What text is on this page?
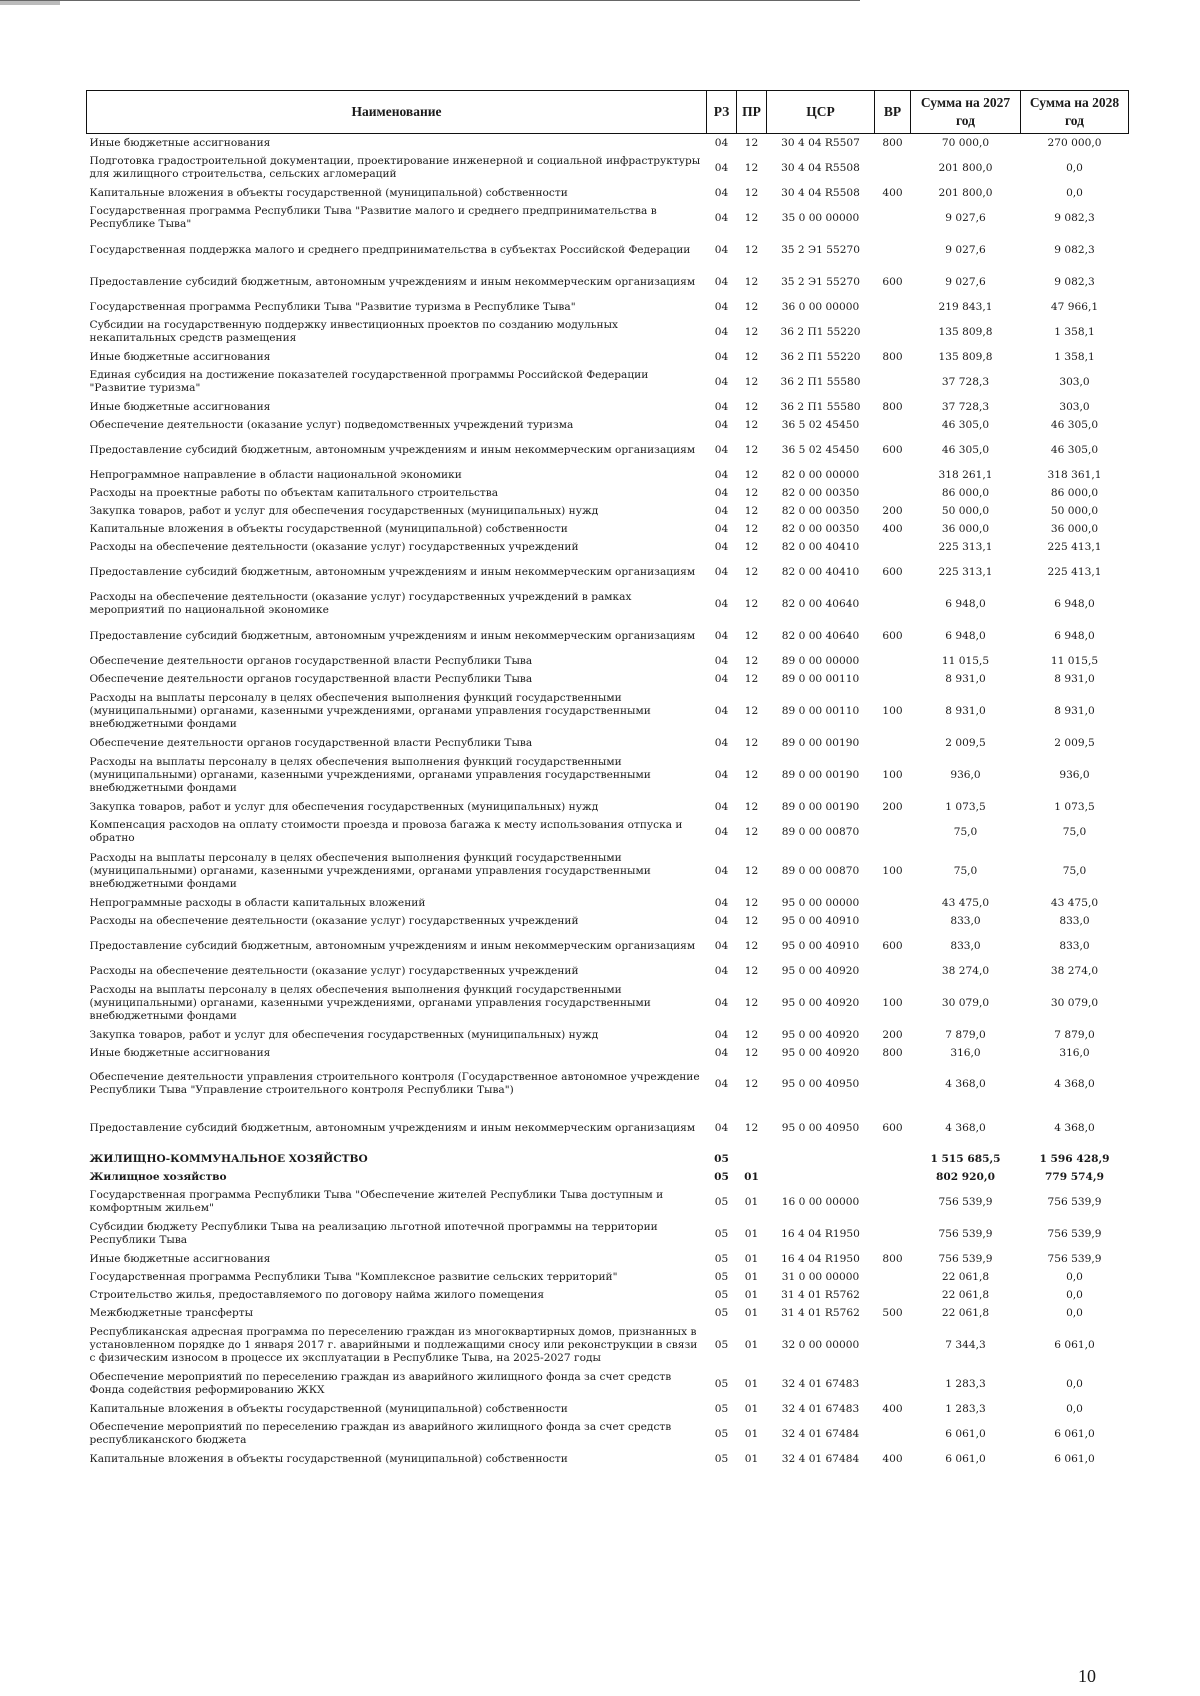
Наименование	РЗ	ПР	ЦСР	ВР	Сумма на 2027 год	Сумма на 2028 год
Иные бюджетные ассигнования	04	12	30 4 04 R5507	800	70 000,0	270 000,0
Подготовка градостроительной документации, проектирование инженерной и социальной инфраструктуры для жилищного строительства, сельских агломераций	04	12	30 4 04 R5508		201 800,0	0,0
Капитальные вложения в объекты государственной (муниципальной) собственности	04	12	30 4 04 R5508	400	201 800,0	0,0
Государственная программа Республики Тыва "Развитие малого и среднего предпринимательства в Республике Тыва"	04	12	35 0 00 00000		9 027,6	9 082,3
Государственная поддержка малого и среднего предпринимательства в субъектах Российской Федерации	04	12	35 2 Э1 55270		9 027,6	9 082,3
Предоставление субсидий бюджетным, автономным учреждениям и иным некоммерческим организациям	04	12	35 2 Э1 55270	600	9 027,6	9 082,3
Государственная программа Республики Тыва "Развитие туризма в Республике Тыва"	04	12	36 0 00 00000		219 843,1	47 966,1
Субсидии на государственную поддержку инвестиционных проектов по созданию модульных некапитальных средств размещения	04	12	36 2 П1 55220		135 809,8	1 358,1
Иные бюджетные ассигнования	04	12	36 2 П1 55220	800	135 809,8	1 358,1
Единая субсидия на достижение показателей государственной программы Российской Федерации "Развитие туризма"	04	12	36 2 П1 55580		37 728,3	303,0
Иные бюджетные ассигнования	04	12	36 2 П1 55580	800	37 728,3	303,0
Обеспечение деятельности (оказание услуг) подведомственных учреждений туризма	04	12	36 5 02 45450		46 305,0	46 305,0
Предоставление субсидий бюджетным, автономным учреждениям и иным некоммерческим организациям	04	12	36 5 02 45450	600	46 305,0	46 305,0
Непрограммное направление в области национальной экономики	04	12	82 0 00 00000		318 261,1	318 361,1
Расходы на проектные работы по объектам капитального строительства	04	12	82 0 00 00350		86 000,0	86 000,0
Закупка товаров, работ и услуг для обеспечения государственных (муниципальных) нужд	04	12	82 0 00 00350	200	50 000,0	50 000,0
Капитальные вложения в объекты государственной (муниципальной) собственности	04	12	82 0 00 00350	400	36 000,0	36 000,0
Расходы на обеспечение деятельности (оказание услуг) государственных учреждений	04	12	82 0 00 40410		225 313,1	225 413,1
Предоставление субсидий бюджетным, автономным учреждениям и иным некоммерческим организациям	04	12	82 0 00 40410	600	225 313,1	225 413,1
Расходы на обеспечение деятельности (оказание услуг) государственных учреждений в рамках мероприятий по национальной экономике	04	12	82 0 00 40640		6 948,0	6 948,0
Предоставление субсидий бюджетным, автономным учреждениям и иным некоммерческим организациям	04	12	82 0 00 40640	600	6 948,0	6 948,0
Обеспечение деятельности органов государственной власти Республики Тыва	04	12	89 0 00 00000		11 015,5	11 015,5
Обеспечение деятельности органов государственной власти Республики Тыва	04	12	89 0 00 00110		8 931,0	8 931,0
Расходы на выплаты персоналу в целях обеспечения выполнения функций государственными (муниципальными) органами, казенными учреждениями, органами управления государственными внебюджетными фондами	04	12	89 0 00 00110	100	8 931,0	8 931,0
Обеспечение деятельности органов государственной власти Республики Тыва	04	12	89 0 00 00190		2 009,5	2 009,5
Расходы на выплаты персоналу в целях обеспечения выполнения функций государственными (муниципальными) органами, казенными учреждениями, органами управления государственными внебюджетными фондами	04	12	89 0 00 00190	100	936,0	936,0
Закупка товаров, работ и услуг для обеспечения государственных (муниципальных) нужд	04	12	89 0 00 00190	200	1 073,5	1 073,5
Компенсация расходов на оплату стоимости проезда и провоза багажа к месту использования отпуска и обратно	04	12	89 0 00 00870		75,0	75,0
Расходы на выплаты персоналу в целях обеспечения выполнения функций государственными (муниципальными) органами, казенными учреждениями, органами управления государственными внебюджетными фондами	04	12	89 0 00 00870	100	75,0	75,0
Непрограммные расходы в области капитальных вложений	04	12	95 0 00 00000		43 475,0	43 475,0
Расходы на обеспечение деятельности (оказание услуг) государственных учреждений	04	12	95 0 00 40910		833,0	833,0
Предоставление субсидий бюджетным, автономным учреждениям и иным некоммерческим организациям	04	12	95 0 00 40910	600	833,0	833,0
Расходы на обеспечение деятельности (оказание услуг) государственных учреждений	04	12	95 0 00 40920		38 274,0	38 274,0
Расходы на выплаты персоналу в целях обеспечения выполнения функций государственными (муниципальными) органами, казенными учреждениями, органами управления государственными внебюджетными фондами	04	12	95 0 00 40920	100	30 079,0	30 079,0
Закупка товаров, работ и услуг для обеспечения государственных (муниципальных) нужд	04	12	95 0 00 40920	200	7 879,0	7 879,0
Иные бюджетные ассигнования	04	12	95 0 00 40920	800	316,0	316,0
Обеспечение деятельности управления строительного контроля (Государственное автономное учреждение Республики Тыва "Управление строительного контроля Республики Тыва")	04	12	95 0 00 40950		4 368,0	4 368,0
Предоставление субсидий бюджетным, автономным учреждениям и иным некоммерческим организациям	04	12	95 0 00 40950	600	4 368,0	4 368,0
ЖИЛИЩНО-КОММУНАЛЬНОЕ ХОЗЯЙСТВО	05				1 515 685,5	1 596 428,9
Жилищное хозяйство	05	01			802 920,0	779 574,9
Государственная программа Республики Тыва "Обеспечение жителей Республики Тыва доступным и комфортным жильем"	05	01	16 0 00 00000		756 539,9	756 539,9
Субсидии бюджету Республики Тыва на реализацию льготной ипотечной программы на территории Республики Тыва	05	01	16 4 04 R1950		756 539,9	756 539,9
Иные бюджетные ассигнования	05	01	16 4 04 R1950	800	756 539,9	756 539,9
Государственная программа Республики Тыва "Комплексное развитие сельских территорий"	05	01	31 0 00 00000		22 061,8	0,0
Строительство жилья, предоставляемого по договору найма жилого помещения	05	01	31 4 01 R5762		22 061,8	0,0
Межбюджетные трансферты	05	01	31 4 01 R5762	500	22 061,8	0,0
Республиканская адресная программа по переселению граждан из многоквартирных домов, признанных в установленном порядке до 1 января 2017 г. аварийными и подлежащими сносу или реконструкции в связи с физическим износом в процессе их эксплуатации в Республике Тыва, на 2025-2027 годы	05	01	32 0 00 00000		7 344,3	6 061,0
Обеспечение мероприятий по переселению граждан из аварийного жилищного фонда за счет средств Фонда содействия реформированию ЖКХ	05	01	32 4 01 67483		1 283,3	0,0
Капитальные вложения в объекты государственной (муниципальной) собственности	05	01	32 4 01 67483	400	1 283,3	0,0
Обеспечение мероприятий по переселению граждан из аварийного жилищного фонда за счет средств республиканского бюджета	05	01	32 4 01 67484		6 061,0	6 061,0
Капитальные вложения в объекты государственной (муниципальной) собственности	05	01	32 4 01 67484	400	6 061,0	6 061,0
10
